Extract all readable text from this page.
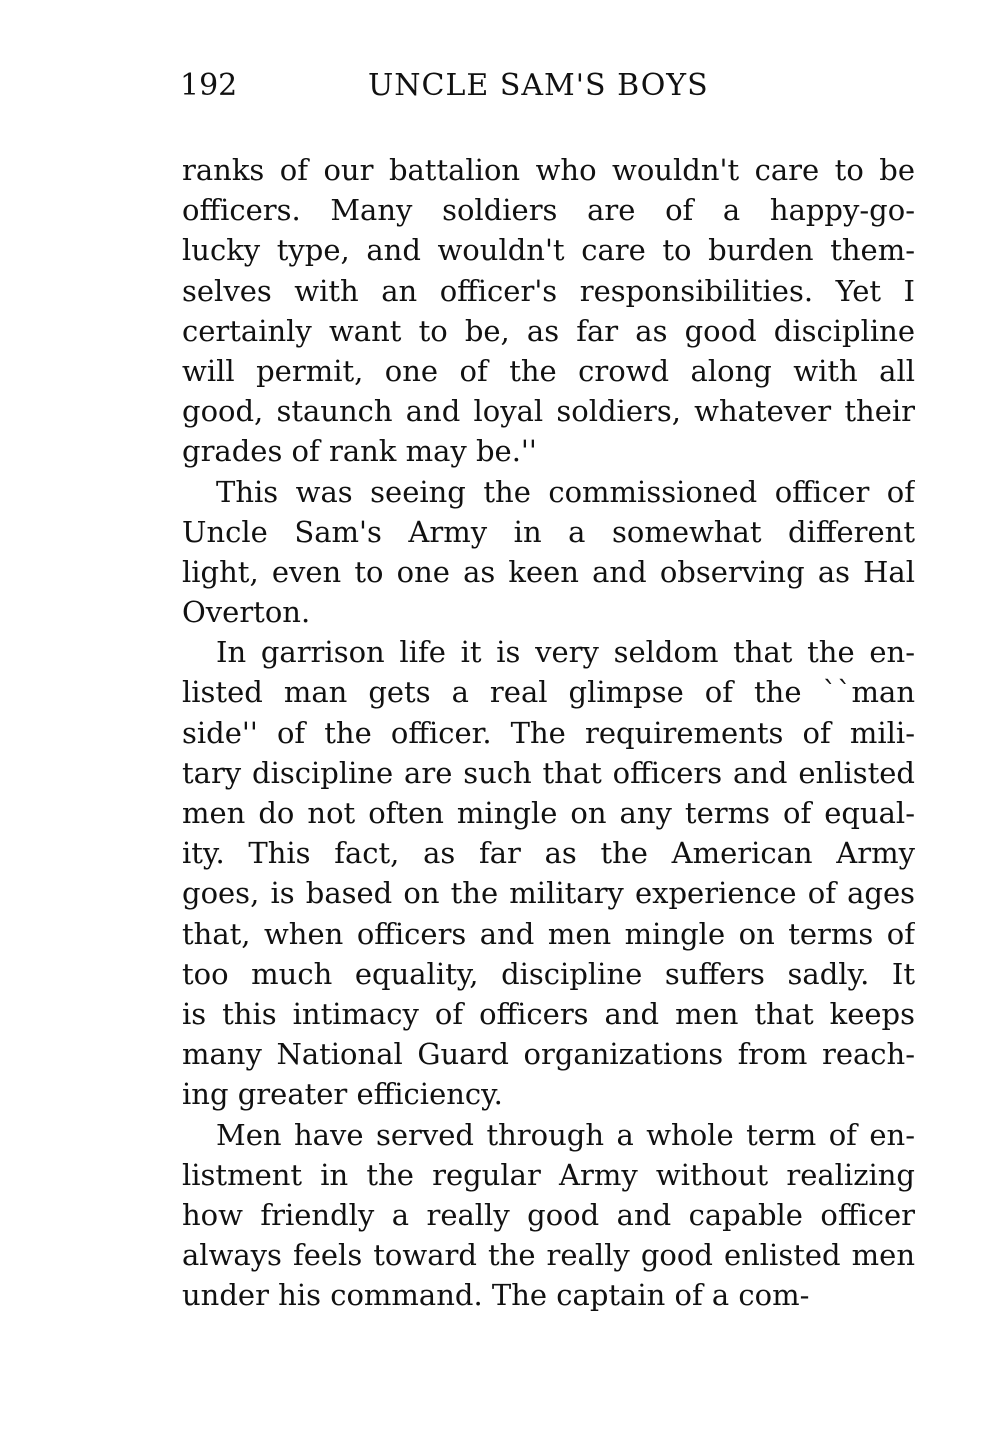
192	UNCLE SAM'S BOYS
ranks of our battalion who wouldn't care to be
officers. Many soldiers are of a happy-go-
lucky type, and wouldn't care to burden them-
selves with an officer's responsibilities. Yet I
certainly want to be, as far as good discipline
will permit, one of the crowd along with all
good, staunch and loyal soldiers, whatever their
grades of rank may be.''
This was seeing the commissioned officer of
Uncle Sam's Army in a somewhat different
light, even to one as keen and observing as Hal
Overton.
In garrison life it is very seldom that the en-
listed man gets a real glimpse of the ``man
side'' of the officer. The requirements of mili-
tary discipline are such that officers and enlisted
men do not often mingle on any terms of equal-
ity. This fact, as far as the American Army
goes, is based on the military experience of ages
that, when officers and men mingle on terms of
too much equality, discipline suffers sadly. It
is this intimacy of officers and men that keeps
many National Guard organizations from reach-
ing greater efficiency.
Men have served through a whole term of en-
listment in the regular Army without realizing
how friendly a really good and capable officer
always feels toward the really good enlisted men
under his command. The captain of a com-
